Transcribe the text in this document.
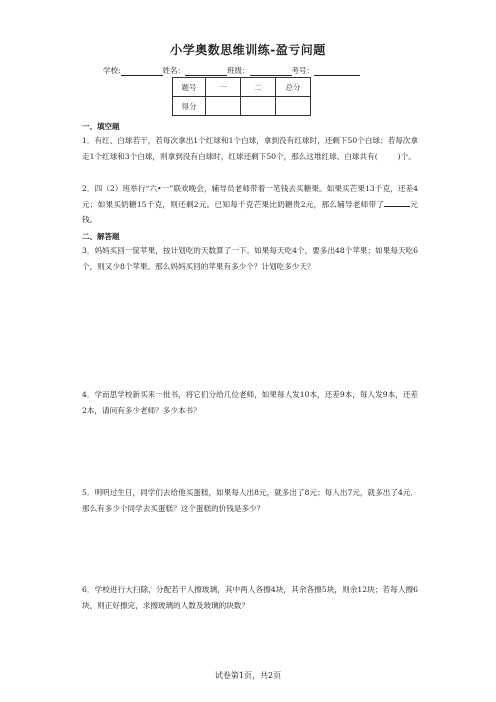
小学奥数思维训练-盈亏问题
学校:	姓名：	班级：	考号：
题号	一	二	总分
得分			
一、填空题
1．有红、白球若干，若每次拿出1个红球和1个白球，拿到没有红球时，还剩下50个白球；若每次拿走1个红球和3个白球，则拿到没有白球时，红球还剩下50个，那么这堆红球、白球共有(	)个。
2．四（2）班举行“六•一”联欢晚会，辅导员老师带着一笔钱去买糖果。如果买芒果13千克，还差4元；如果买奶糖15千克，则还剩2元。已知每千克芒果比奶糖贵2元，那么辅导老师带了	元钱。
二、解答题
3．妈妈买回一筐苹果，按计划吃的天数算了一下。如果每天吃4个，要多出48个苹果；如果每天吃6个，则又少8个苹果。那么妈妈买回的苹果有多少个？计划吃多少天？
4．学而思学校新买来一批书，将它们分给几位老师，如果每人发10本，还差9本，每人发9本，还差2本，请问有多少老师？多少本书？
5．明明过生日，同学们去给他买蛋糕，如果每人出8元，就多出了8元；每人出7元，就多出了4元．那么有多少个同学去买蛋糕？这个蛋糕的价钱是多少？
6．学校进行大扫除，分配若干人擦玻璃，其中两人各擦4块，其余各擦5块，则余12块；若每人擦6块，则正好擦完，求擦玻璃的人数及玻璃的块数？
试卷第1页，共2页
